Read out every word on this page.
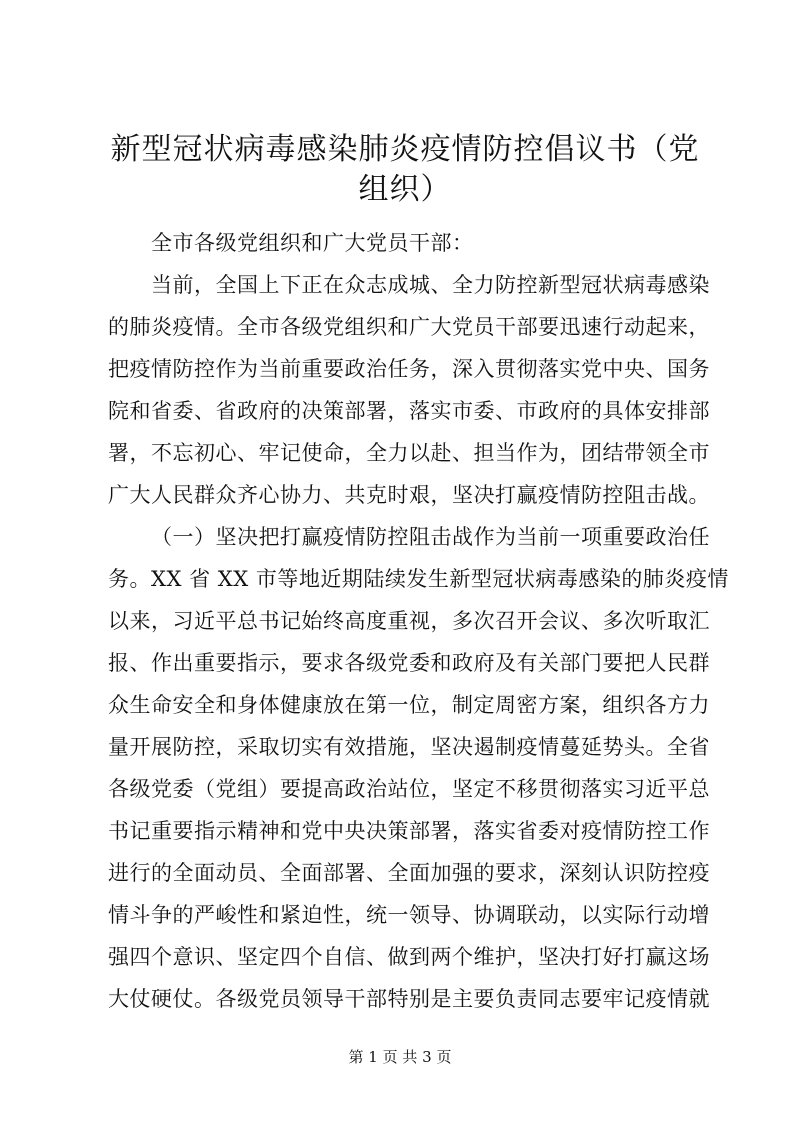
新型冠状病毒感染肺炎疫情防控倡议书（党组织）

全市各级党组织和广大党员干部：

当前，全国上下正在众志成城、全力防控新型冠状病毒感染

的肺炎疫情。全市各级党组织和广大党员干部要迅速行动起来，

把疫情防控作为当前重要政治任务，深入贯彻落实党中央、国务

院和省委、省政府的决策部署，落实市委、市政府的具体安排部

署，不忘初心、牢记使命，全力以赴、担当作为，团结带领全市

广大人民群众齐心协力、共克时艰，坚决打赢疫情防控阻击战。

（一）坚决把打赢疫情防控阻击战作为当前一项重要政治任

务。XX 省 XX 市等地近期陆续发生新型冠状病毒感染的肺炎疫情

以来，习近平总书记始终高度重视，多次召开会议、多次听取汇

报、作出重要指示，要求各级党委和政府及有关部门要把人民群

众生命安全和身体健康放在第一位，制定周密方案，组织各方力

量开展防控，采取切实有效措施，坚决遏制疫情蔓延势头。全省

各级党委（党组）要提高政治站位，坚定不移贯彻落实习近平总

书记重要指示精神和党中央决策部署，落实省委对疫情防控工作

进行的全面动员、全面部署、全面加强的要求，深刻认识防控疫

情斗争的严峻性和紧迫性，统一领导、协调联动，以实际行动增

强四个意识、坚定四个自信、做到两个维护，坚决打好打赢这场

大仗硬仗。各级党员领导干部特别是主要负责同志要牢记疫情就

第 1 页 共 3 页
